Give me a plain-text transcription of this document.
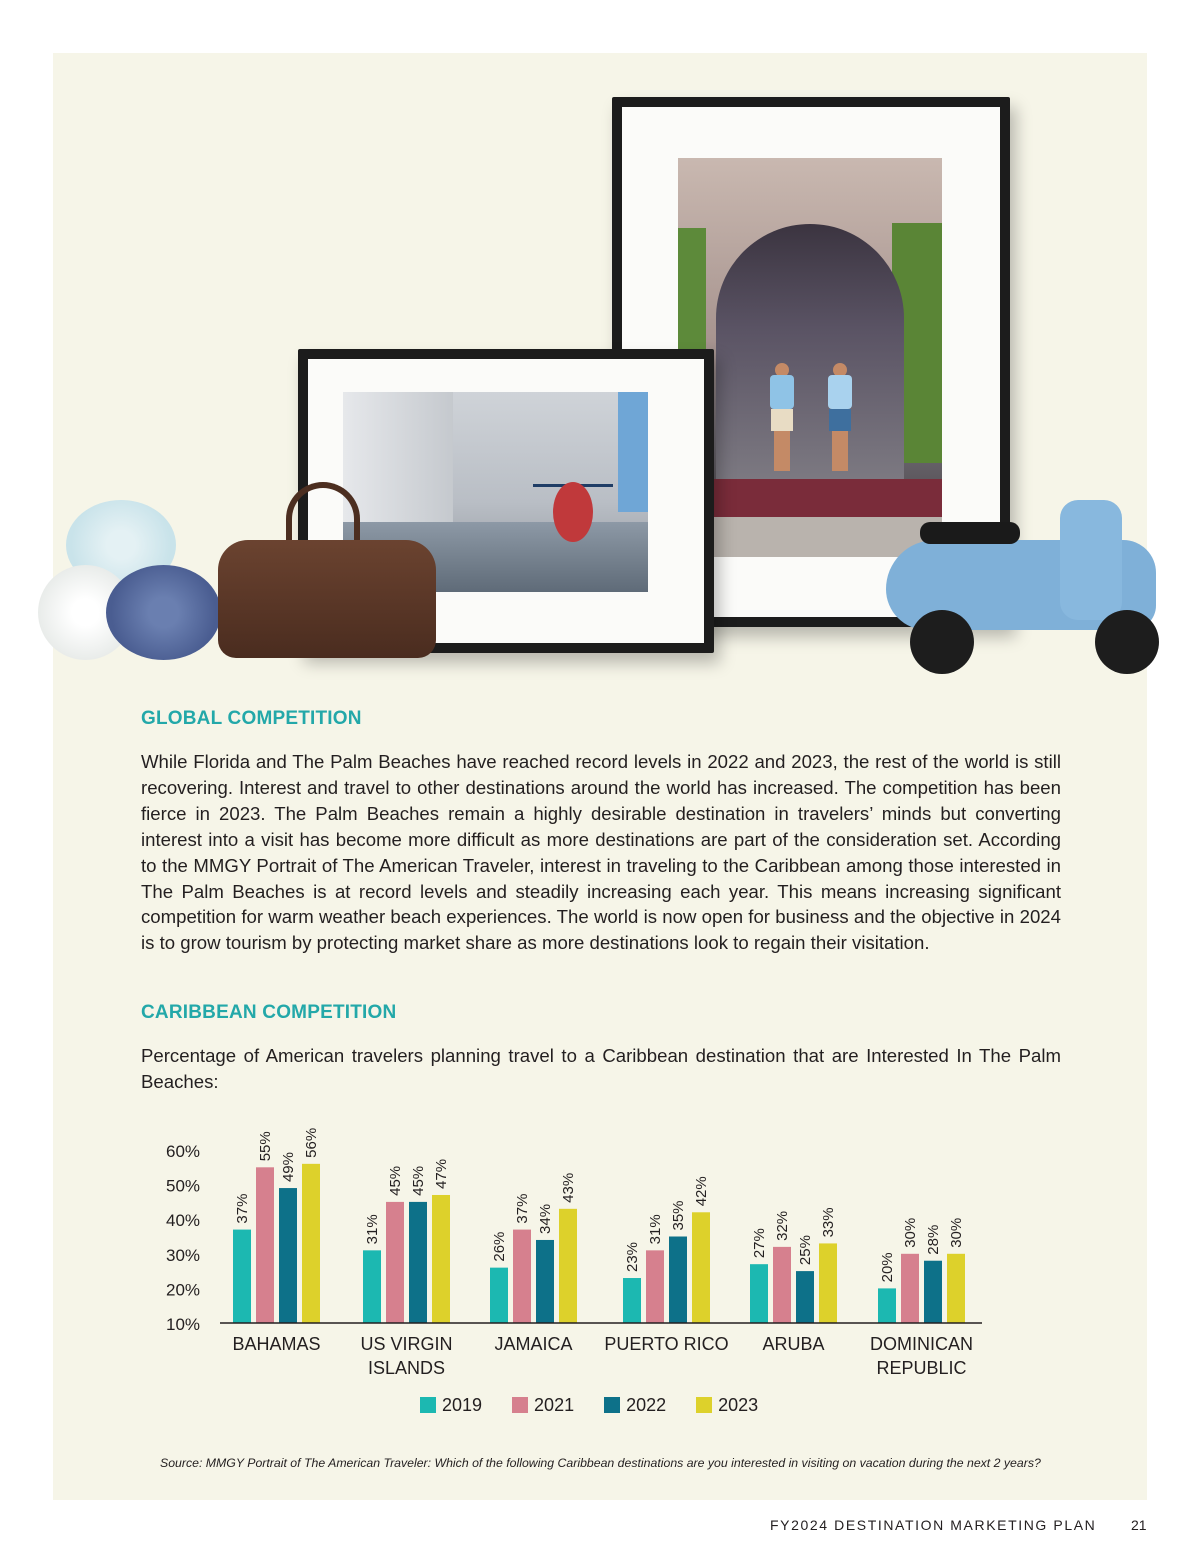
GLOBAL COMPETITION

While Florida and The Palm Beaches have reached record levels in 2022 and 2023, the rest of the world is still recovering. Interest and travel to other destinations around the world has increased. The competition has been fierce in 2023. The Palm Beaches remain a highly desirable destination in travelers’ minds but converting interest into a visit has become more difficult as more destinations are part of the consideration set. According to the MMGY Portrait of The American Traveler, interest in traveling to the Caribbean among those interested in The Palm Beaches is at record levels and steadily increasing each year. This means increasing significant competition for warm weather beach experiences. The world is now open for business and the objective in 2024 is to grow tourism by protecting market share as more destinations look to regain their visitation.

CARIBBEAN COMPETITION

Percentage of American travelers planning travel to a Caribbean destination that are Interested In The Palm Beaches:

60%
50%
40%
30%
20%
10%
37%
55%
49%
56%
BAHAMAS
31%
45% 45% 47%
US VIRGIN
ISLANDS
26%
37% 34%
43%
JAMAICA
23%
31% 35%
42%
PUERTO RICO
27%
32%
25%
33%
ARUBA
20%
30% 28% 30%
DOMINICAN
REPUBLIC
2019	2021	2022	2023
Source: MMGY Portrait of The American Traveler: Which of the following Caribbean destinations are you interested in visiting on vacation during the next 2 years?
FY2024 DESTINATION MARKETING PLAN 21
